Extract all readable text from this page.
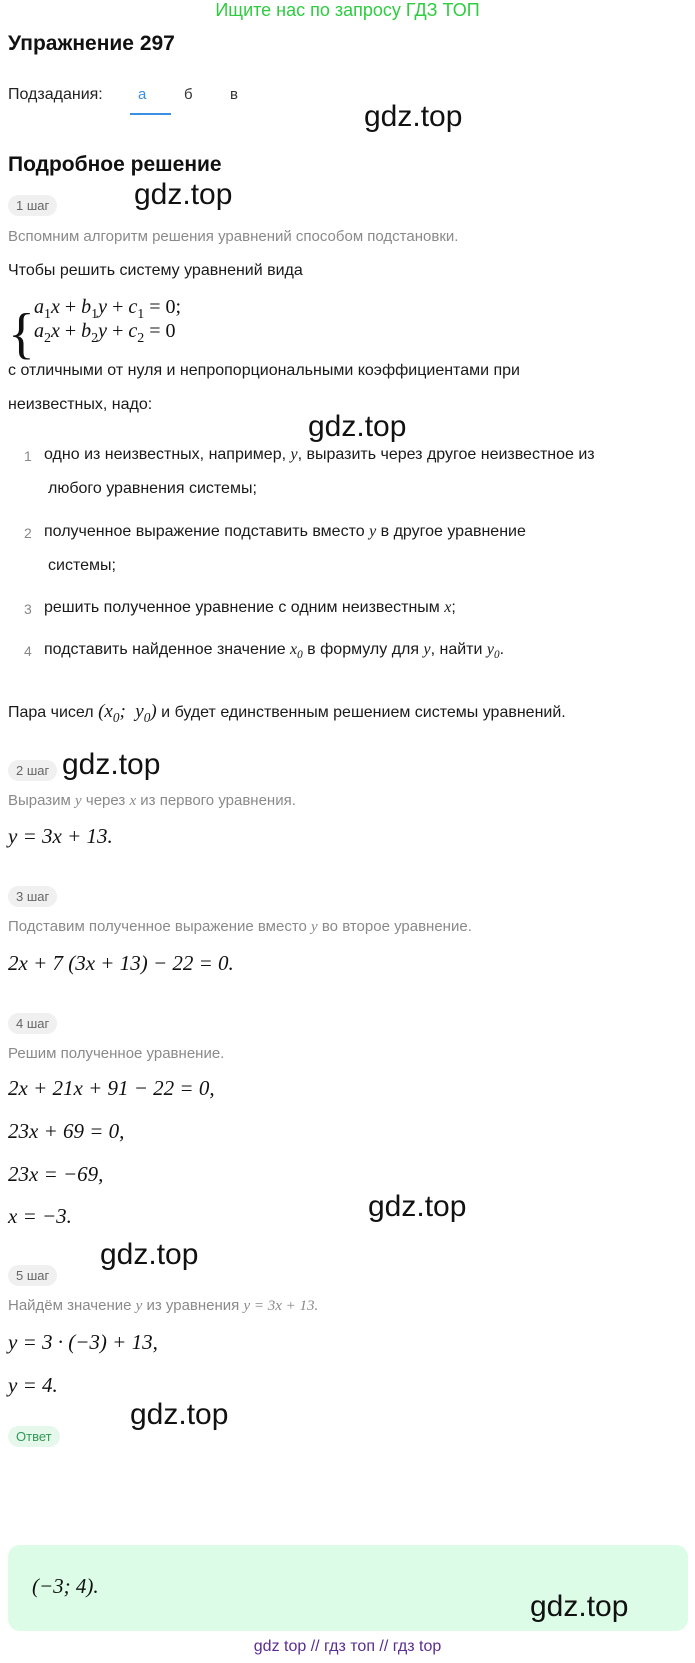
Ищите нас по запросу ГДЗ ТОП
Упражнение 297
Подзадания: а	б в
gdz.top
Подробное решение
gdz.top
1 шаг
Вспомним алгоритм решения уравнений способом подстановки.
Чтобы решить систему уравнений вида
{ $a_1x + b_1y + c_1 = 0$;
$a_2x + b_2y + c_2 = 0$
с отличными от нуля и непропорциональными коэффициентами при
неизвестных, надо:
gdz.top
1 одно из неизвестных, например, y, выразить через другое неизвестное из
любого уравнения системы;
2 полученное выражение подставить вместо y в другое уравнение
системы;
3 решить полученное уравнение с одним неизвестным x;
4 подставить найденное значение $x_0$ в формулу для y, найти $y_0$.
Пара чисел ($x_0$;  $y_0$) и будет единственным решением системы уравнений.
2 шаг gdz.top
Выразим y через x из первого уравнения.
y = 3x + 13.
3 шаг
Подставим полученное выражение вместо y во второе уравнение.
2x + 7 (3x + 13) − 22 = 0.
4 шаг
Решим полученное уравнение.
2x + 21x + 91 − 22 = 0,
23x + 69 = 0,
23x = −69,
x = −3.	gdz.top
gdz.top
5 шаг
Найдём значение y из уравнения y = 3x + 13.
y = 3 · (−3) + 13,
y = 4.
gdz.top
Ответ
(−3; 4).
gdz.top
gdz top // гдз топ // гдз top
